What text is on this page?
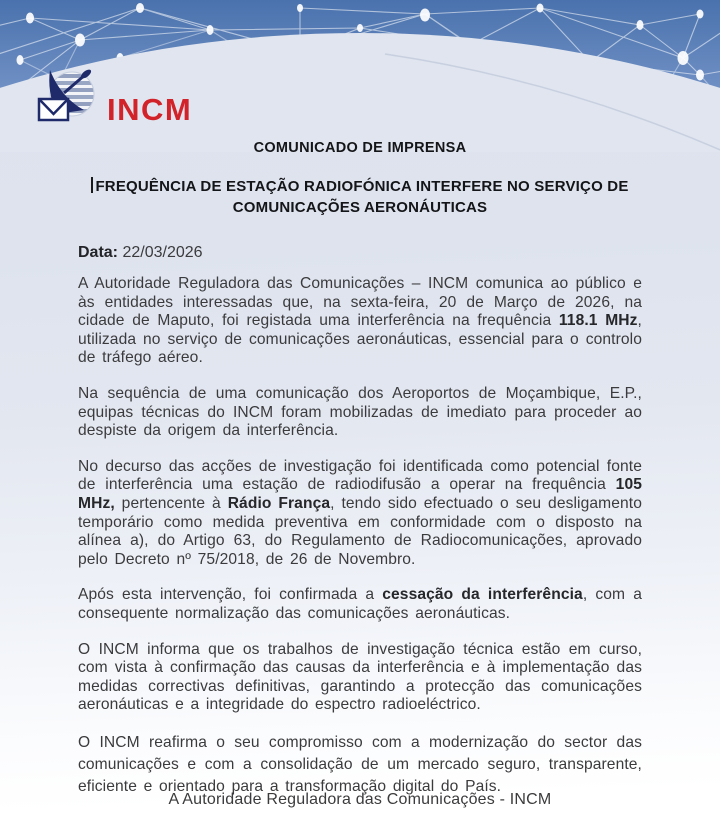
INCM

COMUNICADO DE IMPRENSA

FREQUÊNCIA DE ESTAÇÃO RADIOFÓNICA INTERFERE NO SERVIÇO DE
COMUNICAÇÕES AERONÁUTICAS

Data: 22/03/2026

A Autoridade Reguladora das Comunicações – INCM comunica ao público e às entidades interessadas que, na sexta-feira, 20 de Março de 2026, na cidade de Maputo, foi registada uma interferência na frequência 118.1 MHz, utilizada no serviço de comunicações aeronáuticas, essencial para o controlo de tráfego aéreo.

Na sequência de uma comunicação dos Aeroportos de Moçambique, E.P., equipas técnicas do INCM foram mobilizadas de imediato para proceder ao despiste da origem da interferência.

No decurso das acções de investigação foi identificada como potencial fonte de interferência uma estação de radiodifusão a operar na frequência 105 MHz, pertencente à Rádio França, tendo sido efectuado o seu desligamento temporário como medida preventiva em conformidade com o disposto na alínea a), do Artigo 63, do Regulamento de Radiocomunicações, aprovado pelo Decreto nº 75/2018, de 26 de Novembro.

Após esta intervenção, foi confirmada a cessação da interferência, com a consequente normalização das comunicações aeronáuticas.

O INCM informa que os trabalhos de investigação técnica estão em curso, com vista à confirmação das causas da interferência e à implementação das medidas correctivas definitivas, garantindo a protecção das comunicações aeronáuticas e a integridade do espectro radioeléctrico.

O INCM reafirma o seu compromisso com a modernização do sector das comunicações e com a consolidação de um mercado seguro, transparente, eficiente e orientado para a transformação digital do País.

A Autoridade Reguladora das Comunicações - INCM
